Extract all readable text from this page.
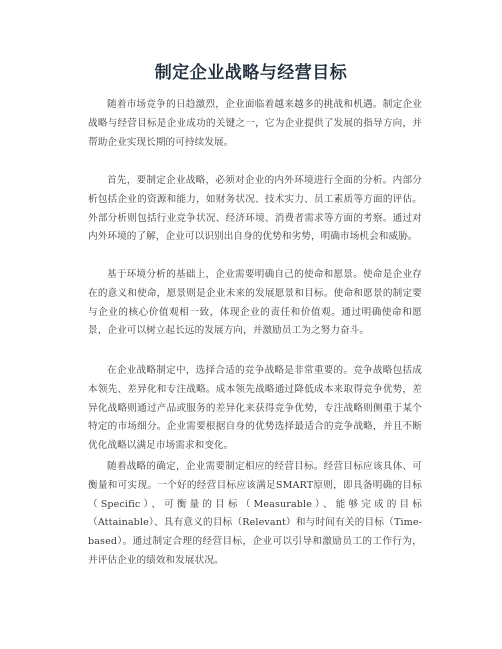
制定企业战略与经营目标

随着市场竞争的日趋激烈，企业面临着越来越多的挑战和机遇。制定企业战略与经营目标是企业成功的关键之一，它为企业提供了发展的指导方向，并帮助企业实现长期的可持续发展。

首先，要制定企业战略，必须对企业的内外环境进行全面的分析。内部分析包括企业的资源和能力，如财务状况、技术实力、员工素质等方面的评估。外部分析则包括行业竞争状况、经济环境、消费者需求等方面的考察。通过对内外环境的了解，企业可以识别出自身的优势和劣势，明确市场机会和威胁。

基于环境分析的基础上，企业需要明确自己的使命和愿景。使命是企业存在的意义和使命，愿景则是企业未来的发展愿景和目标。使命和愿景的制定要与企业的核心价值观相一致，体现企业的责任和价值观。通过明确使命和愿景，企业可以树立起长远的发展方向，并激励员工为之努力奋斗。

在企业战略制定中，选择合适的竞争战略是非常重要的。竞争战略包括成本领先、差异化和专注战略。成本领先战略通过降低成本来取得竞争优势，差异化战略则通过产品或服务的差异化来获得竞争优势，专注战略则侧重于某个特定的市场细分。企业需要根据自身的优势选择最适合的竞争战略，并且不断优化战略以满足市场需求和变化。

随着战略的确定，企业需要制定相应的经营目标。经营目标应该具体、可衡量和可实现。一个好的经营目标应该满足SMART原则，即具备明确的目标（Specific）、可衡量的目标（Measurable）、能够完成的目标（Attainable）、具有意义的目标（Relevant）和与时间有关的目标（Time-based）。通过制定合理的经营目标，企业可以引导和激励员工的工作行为，并评估企业的绩效和发展状况。
